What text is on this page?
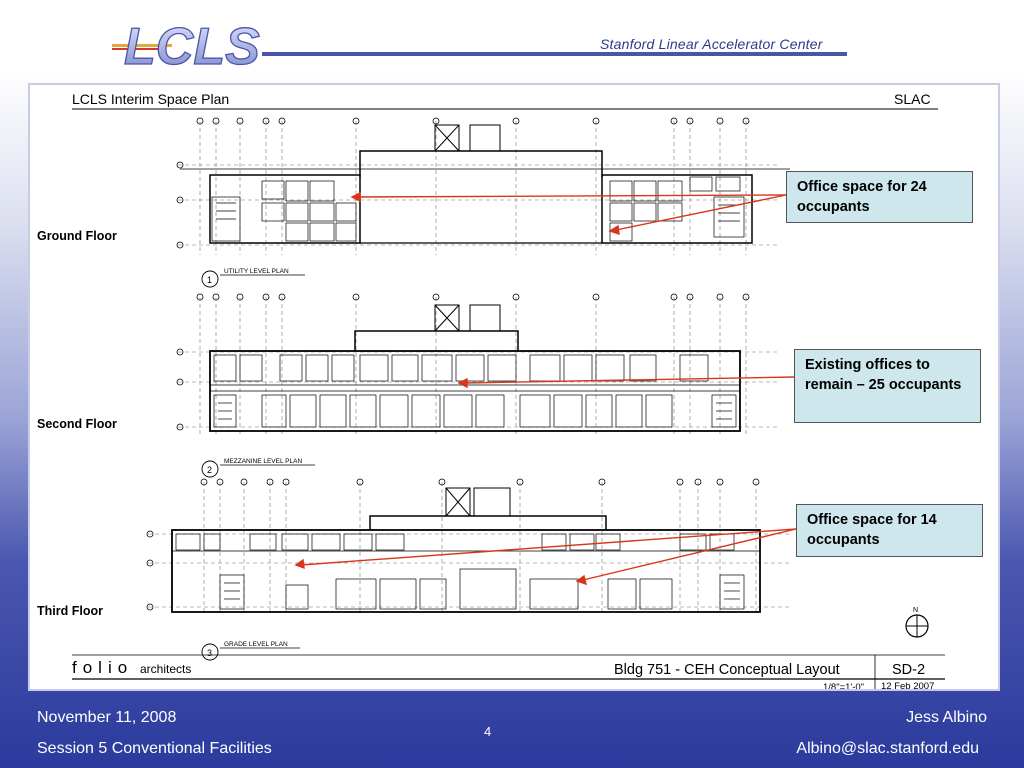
LCLS	Stanford Linear Accelerator Center
LCLS Interim Space Plan	SLAC
1
UTILITY LEVEL PLAN
2
MEZZANINE LEVEL PLAN
3
GRADE LEVEL PLAN
N
folio architects	Bldg 751 - CEH Conceptual Layout	SD-2
1/8"=1'-0" 12 Feb 2007
Office space for 24 occupants
Existing offices to remain – 25 occupants
Office space for 14 occupants
Ground Floor
Second Floor
Third Floor
November 11, 2008
Session 5 Conventional Facilities
4
Jess Albino
Albino@slac.stanford.edu
